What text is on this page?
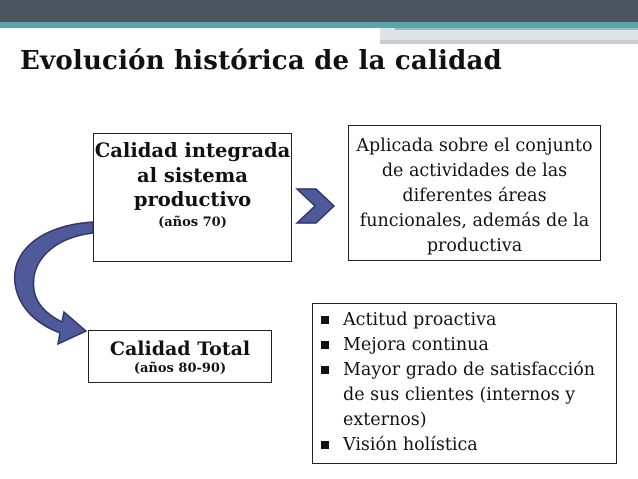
Evolución histórica de la calidad
Calidad integrada al sistema productivo
(años 70)
Aplicada sobre el conjunto de actividades de las diferentes áreas funcionales, además de la productiva
Calidad Total
(años 80-90)
Actitud proactiva
Mejora continua
Mayor grado de satisfacción de sus clientes (internos y externos)
Visión holística
